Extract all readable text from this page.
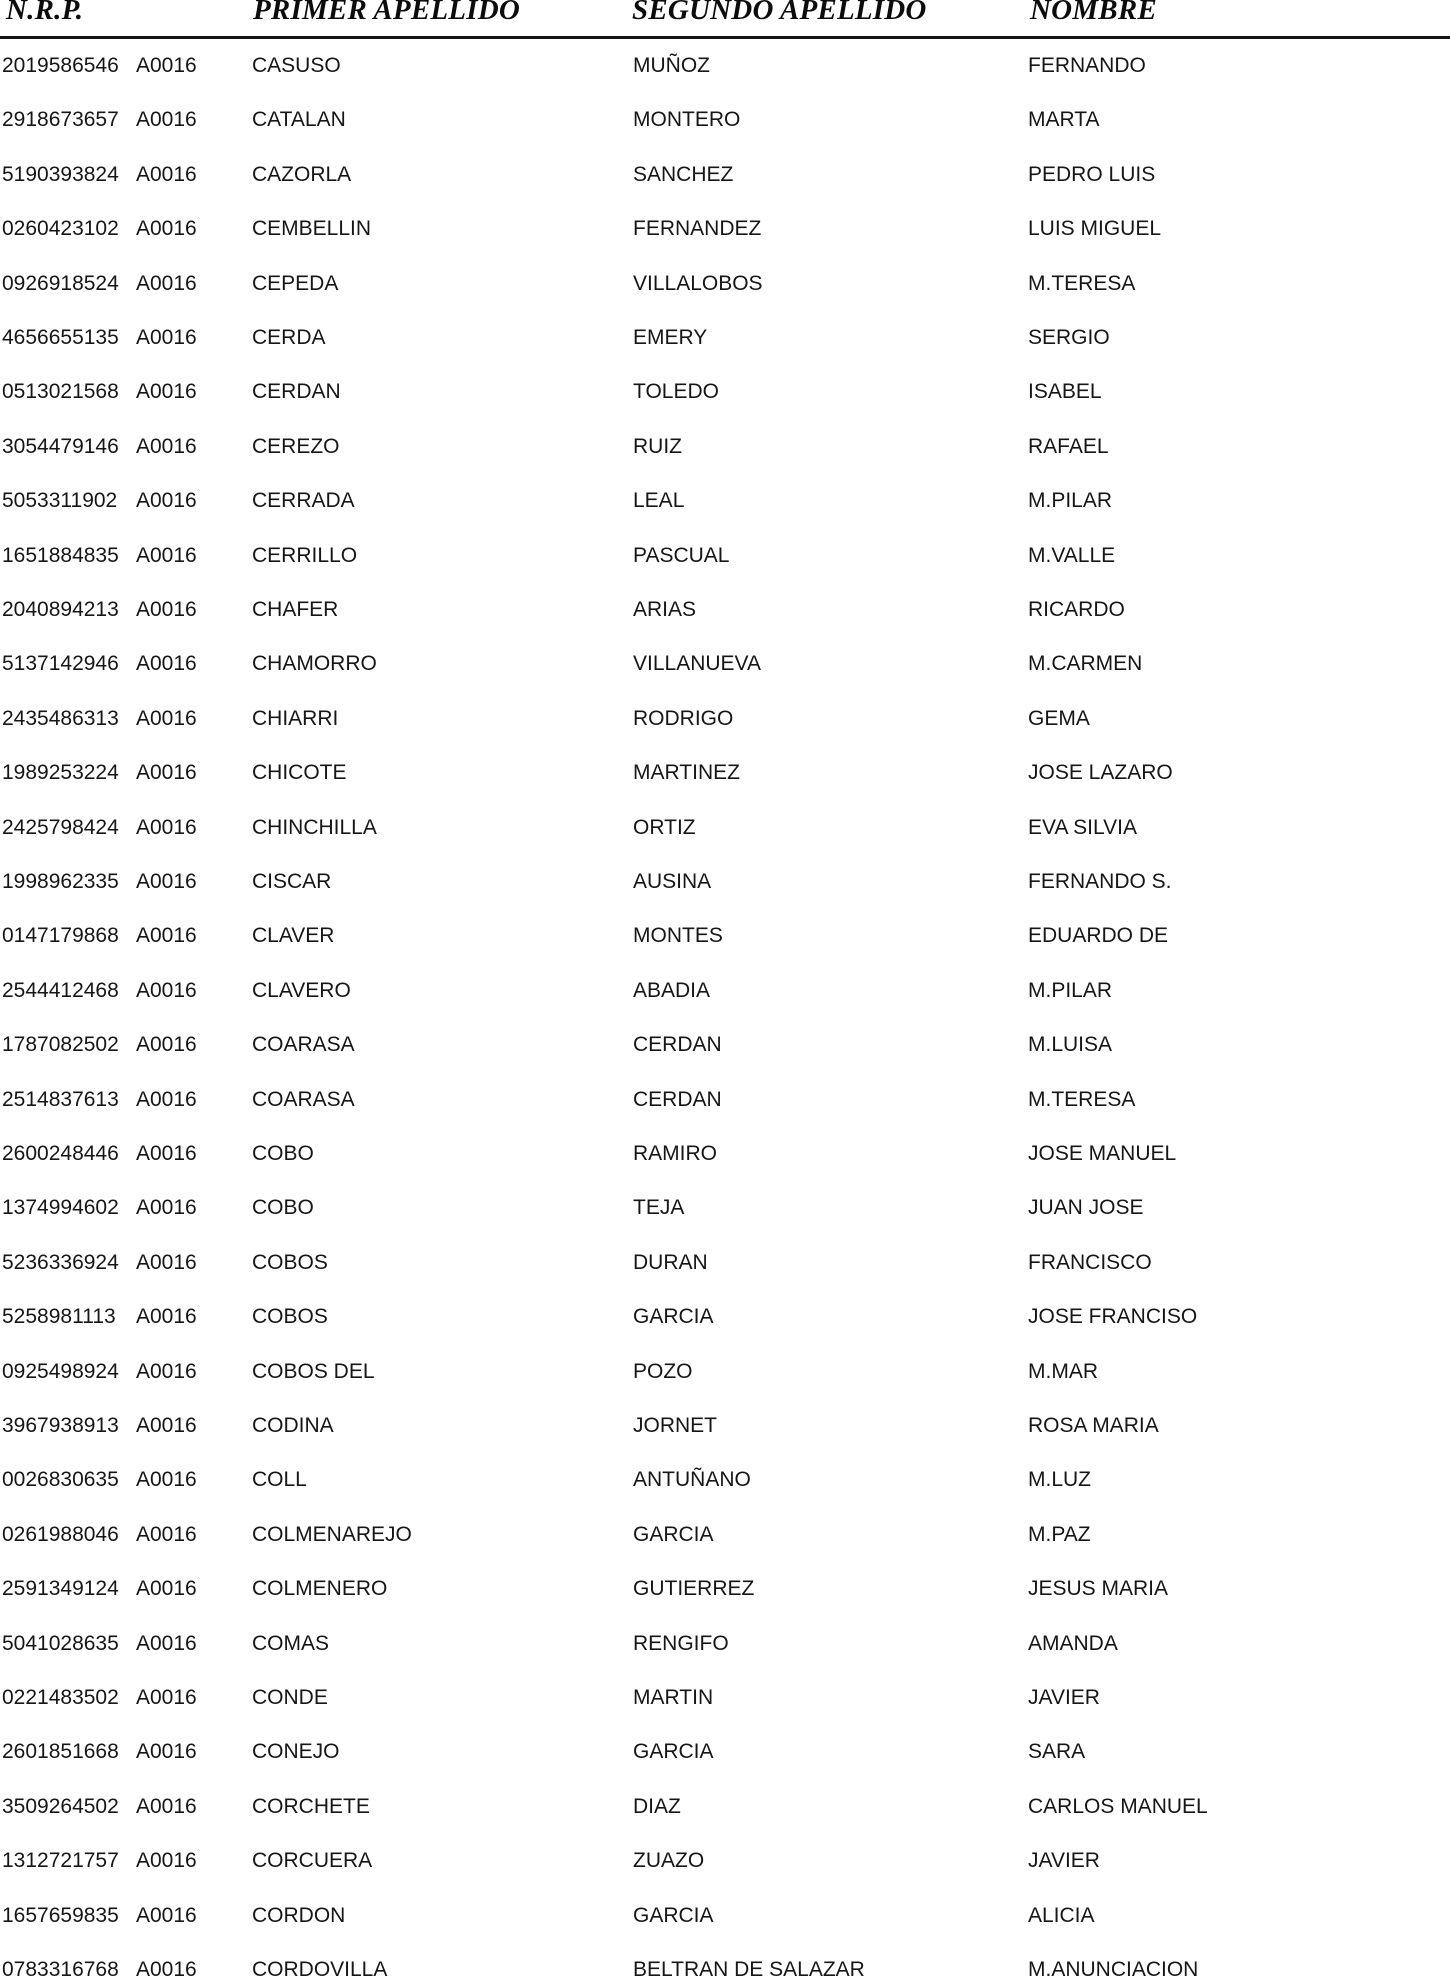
N.R.P.	PRIMER APELLIDO	SEGUNDO APELLIDO	NOMBRE
2019586546 A0016	CASUSO	MUÑOZ	FERNANDO
2918673657 A0016	CATALAN	MONTERO	MARTA
5190393824 A0016	CAZORLA	SANCHEZ	PEDRO LUIS
0260423102 A0016	CEMBELLIN	FERNANDEZ	LUIS MIGUEL
0926918524 A0016	CEPEDA	VILLALOBOS	M.TERESA
4656655135 A0016	CERDA	EMERY	SERGIO
0513021568 A0016	CERDAN	TOLEDO	ISABEL
3054479146 A0016	CEREZO	RUIZ	RAFAEL
5053311902 A0016	CERRADA	LEAL	M.PILAR
1651884835 A0016	CERRILLO	PASCUAL	M.VALLE
2040894213 A0016	CHAFER	ARIAS	RICARDO
5137142946 A0016	CHAMORRO	VILLANUEVA	M.CARMEN
2435486313 A0016	CHIARRI	RODRIGO	GEMA
1989253224 A0016	CHICOTE	MARTINEZ	JOSE LAZARO
2425798424 A0016	CHINCHILLA	ORTIZ	EVA SILVIA
1998962335 A0016	CISCAR	AUSINA	FERNANDO S.
0147179868 A0016	CLAVER	MONTES	EDUARDO DE
2544412468 A0016	CLAVERO	ABADIA	M.PILAR
1787082502 A0016	COARASA	CERDAN	M.LUISA
2514837613 A0016	COARASA	CERDAN	M.TERESA
2600248446 A0016	COBO	RAMIRO	JOSE MANUEL
1374994602 A0016	COBO	TEJA	JUAN JOSE
5236336924 A0016	COBOS	DURAN	FRANCISCO
5258981113 A0016	COBOS	GARCIA	JOSE FRANCISO
0925498924 A0016	COBOS DEL	POZO	M.MAR
3967938913 A0016	CODINA	JORNET	ROSA MARIA
0026830635 A0016	COLL	ANTUÑANO	M.LUZ
0261988046 A0016	COLMENAREJO	GARCIA	M.PAZ
2591349124 A0016	COLMENERO	GUTIERREZ	JESUS MARIA
5041028635 A0016	COMAS	RENGIFO	AMANDA
0221483502 A0016	CONDE	MARTIN	JAVIER
2601851668 A0016	CONEJO	GARCIA	SARA
3509264502 A0016	CORCHETE	DIAZ	CARLOS MANUEL
1312721757 A0016	CORCUERA	ZUAZO	JAVIER
1657659835 A0016	CORDON	GARCIA	ALICIA
0783316768 A0016	CORDOVILLA	BELTRAN DE SALAZAR	M.ANUNCIACION
